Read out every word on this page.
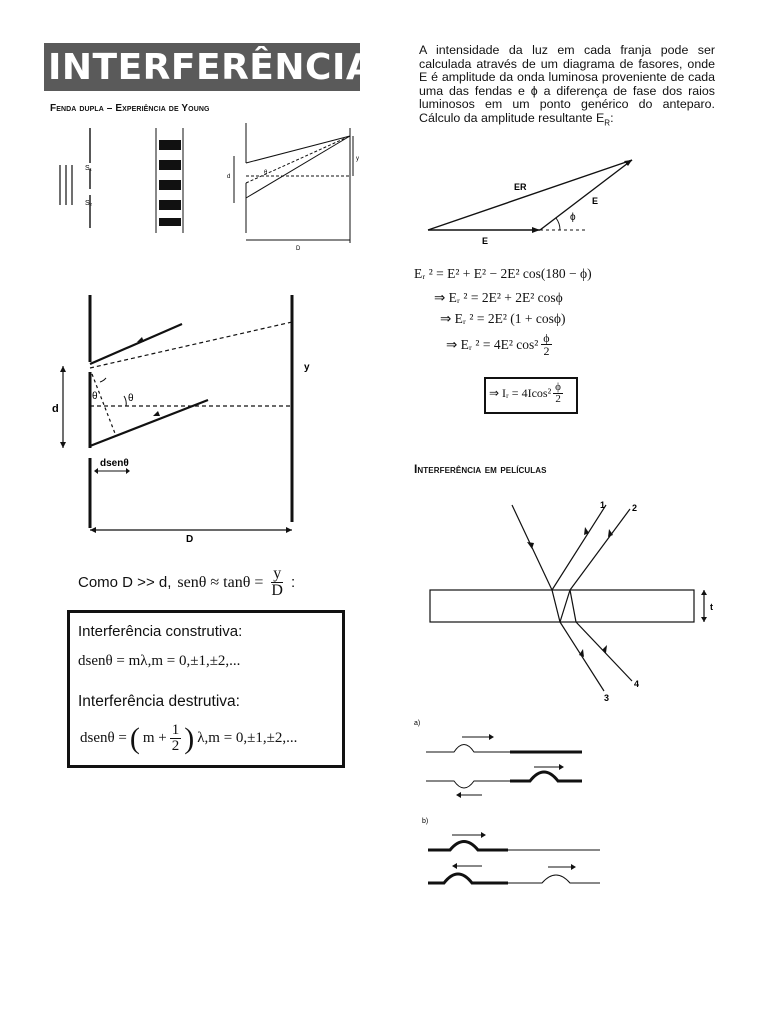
INTERFERÊNCIA
Fenda dupla – Experiência de Young
S₁
S₂
d
y
D
θ
y
d
θ	θ
dsenθ
D
Como D >> d, $sen\theta \approx \tan\theta = \frac{y}{D}$ :
Interferência construtiva:
dsenθ = mλ,m = 0,±1,±2,...
Interferência destrutiva:
dsenθ = ( $m + \frac{1}{2}$ ) λ,m = 0,±1,±2,...
A intensidade da luz em cada franja pode ser calculada através de um diagrama de fasores, onde E é amplitude da onda luminosa proveniente de cada uma das fendas e ϕ a diferença de fase dos raios luminosos em um ponto genérico do anteparo. Cálculo da amplitude resultante $E_R$:
ER
E
E
ϕ
Eᵣ ² = E² + E² − 2E² cos(180 − ϕ)
⇒ Eᵣ ² = 2E² + 2E² cosϕ
⇒ Eᵣ ² = 2E² (1 + cosϕ)
⇒ Eᵣ ² = 4E² $\cos^2 \frac{\phi}{2}$
⇒ Iᵣ = $4Icos^2 \frac{\phi}{2}$
Interferência em películas
1	2
3
4
t
a)
b)
